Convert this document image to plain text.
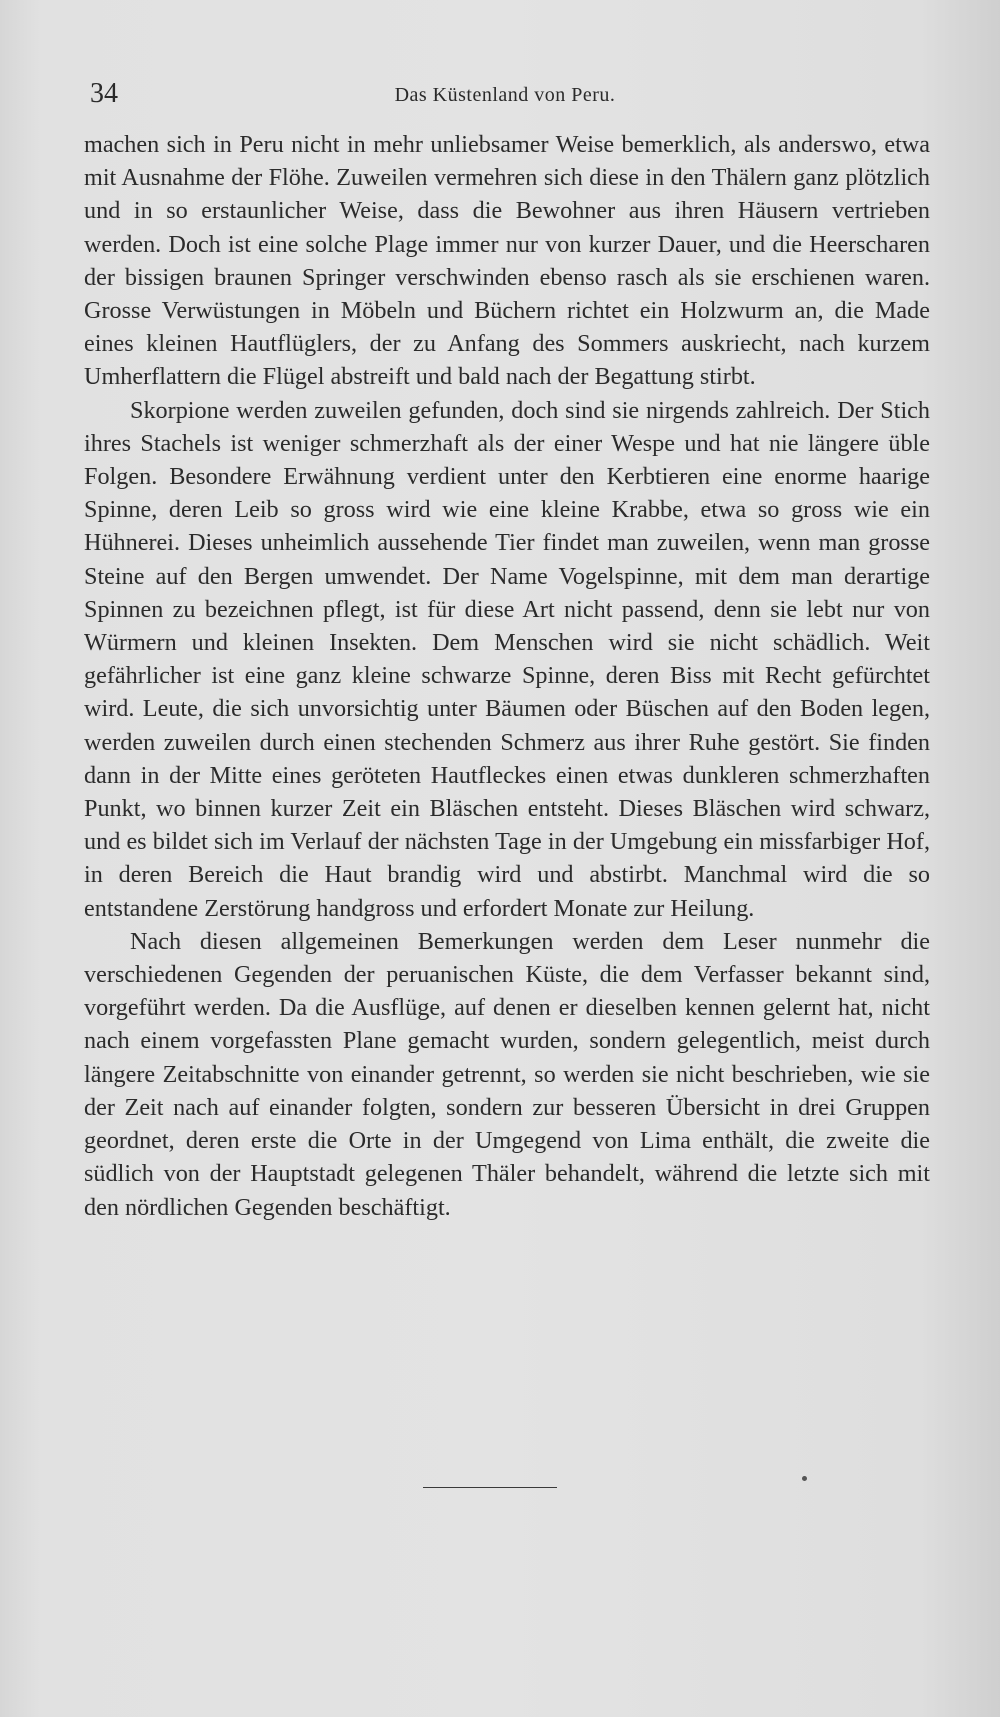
34	Das Küstenland von Peru.

machen sich in Peru nicht in mehr unliebsamer Weise bemerklich, als anderswo, etwa mit Ausnahme der Flöhe. Zuweilen vermehren sich diese in den Thälern ganz plötzlich und in so erstaunlicher Weise, dass die Bewohner aus ihren Häusern vertrieben werden. Doch ist eine solche Plage immer nur von kurzer Dauer, und die Heerscharen der bissigen braunen Springer verschwinden ebenso rasch als sie erschienen waren. Grosse Verwüstungen in Möbeln und Büchern richtet ein Holzwurm an, die Made eines kleinen Hautflüglers, der zu Anfang des Sommers auskriecht, nach kurzem Umherflattern die Flügel abstreift und bald nach der Begattung stirbt.

Skorpione werden zuweilen gefunden, doch sind sie nirgends zahlreich. Der Stich ihres Stachels ist weniger schmerzhaft als der einer Wespe und hat nie längere üble Folgen. Besondere Erwähnung verdient unter den Kerbtieren eine enorme haarige Spinne, deren Leib so gross wird wie eine kleine Krabbe, etwa so gross wie ein Hühnerei. Dieses unheimlich aussehende Tier findet man zuweilen, wenn man grosse Steine auf den Bergen umwendet. Der Name Vogelspinne, mit dem man derartige Spinnen zu bezeichnen pflegt, ist für diese Art nicht passend, denn sie lebt nur von Würmern und kleinen Insekten. Dem Menschen wird sie nicht schädlich. Weit gefährlicher ist eine ganz kleine schwarze Spinne, deren Biss mit Recht gefürchtet wird. Leute, die sich unvorsichtig unter Bäumen oder Büschen auf den Boden legen, werden zuweilen durch einen stechenden Schmerz aus ihrer Ruhe gestört. Sie finden dann in der Mitte eines geröteten Hautfleckes einen etwas dunkleren schmerzhaften Punkt, wo binnen kurzer Zeit ein Bläschen entsteht. Dieses Bläschen wird schwarz, und es bildet sich im Verlauf der nächsten Tage in der Umgebung ein missfarbiger Hof, in deren Bereich die Haut brandig wird und abstirbt. Manchmal wird die so entstandene Zerstörung handgross und erfordert Monate zur Heilung.

Nach diesen allgemeinen Bemerkungen werden dem Leser nunmehr die verschiedenen Gegenden der peruanischen Küste, die dem Verfasser bekannt sind, vorgeführt werden. Da die Ausflüge, auf denen er dieselben kennen gelernt hat, nicht nach einem vorgefassten Plane gemacht wurden, sondern gelegentlich, meist durch längere Zeitabschnitte von einander getrennt, so werden sie nicht beschrieben, wie sie der Zeit nach auf einander folgten, sondern zur besseren Übersicht in drei Gruppen geordnet, deren erste die Orte in der Umgegend von Lima enthält, die zweite die südlich von der Hauptstadt gelegenen Thäler behandelt, während die letzte sich mit den nördlichen Gegenden beschäftigt.
